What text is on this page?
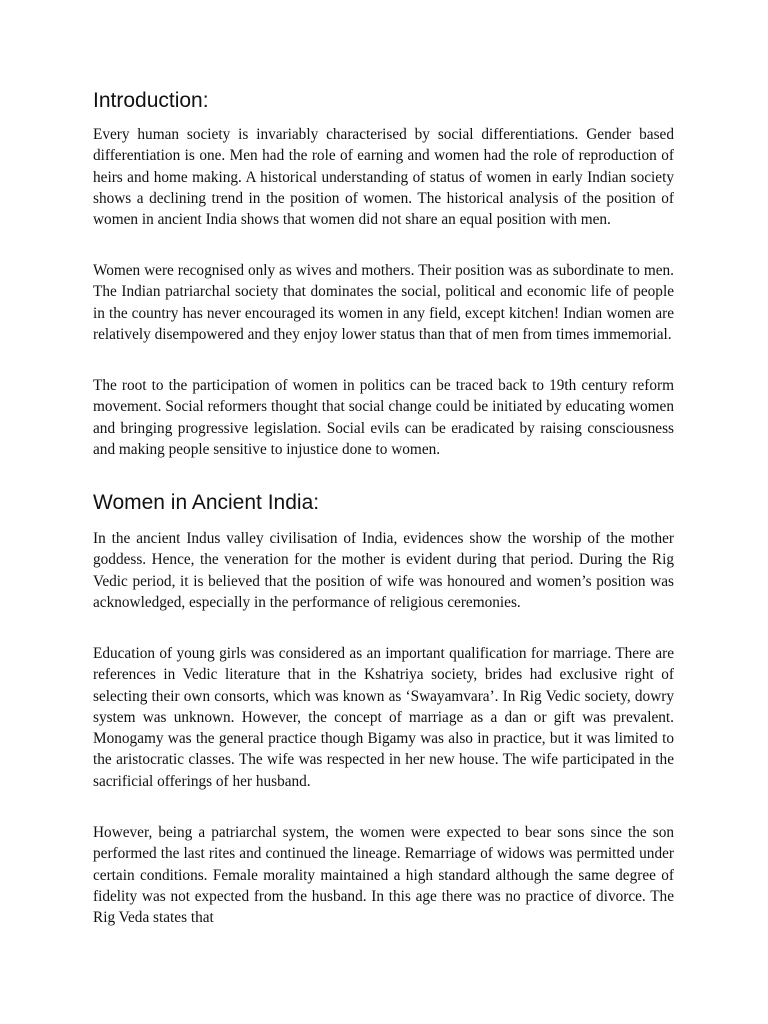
Introduction:

Every human society is invariably characterised by social differentiations. Gender based differentiation is one. Men had the role of earning and women had the role of reproduction of heirs and home making. A historical understanding of status of women in early Indian society shows a declining trend in the position of women. The historical analysis of the position of women in ancient India shows that women did not share an equal position with men.

Women were recognised only as wives and mothers. Their position was as subordinate to men. The Indian patriarchal society that dominates the social, political and economic life of people in the country has never encouraged its women in any field, except kitchen! Indian women are relatively disempowered and they enjoy lower status than that of men from times immemorial.

The root to the participation of women in politics can be traced back to 19th century reform movement. Social reformers thought that social change could be initiated by educating women and bringing progressive legislation. Social evils can be eradicated by raising consciousness and making people sensitive to injustice done to women.

Women in Ancient India:

In the ancient Indus valley civilisation of India, evidences show the worship of the mother goddess. Hence, the veneration for the mother is evident during that period. During the Rig Vedic period, it is believed that the position of wife was honoured and women’s position was acknowledged, especially in the performance of religious ceremonies.

Education of young girls was considered as an important qualification for marriage. There are references in Vedic literature that in the Kshatriya society, brides had exclusive right of selecting their own consorts, which was known as ‘Swayamvara’. In Rig Vedic society, dowry system was unknown. However, the concept of marriage as a dan or gift was prevalent. Monogamy was the general practice though Bigamy was also in practice, but it was limited to the aristocratic classes. The wife was respected in her new house. The wife participated in the sacrificial offerings of her husband.

However, being a patriarchal system, the women were expected to bear sons since the son performed the last rites and continued the lineage. Remarriage of widows was permitted under certain conditions. Female morality maintained a high standard although the same degree of fidelity was not expected from the husband. In this age there was no practice of divorce. The Rig Veda states that
